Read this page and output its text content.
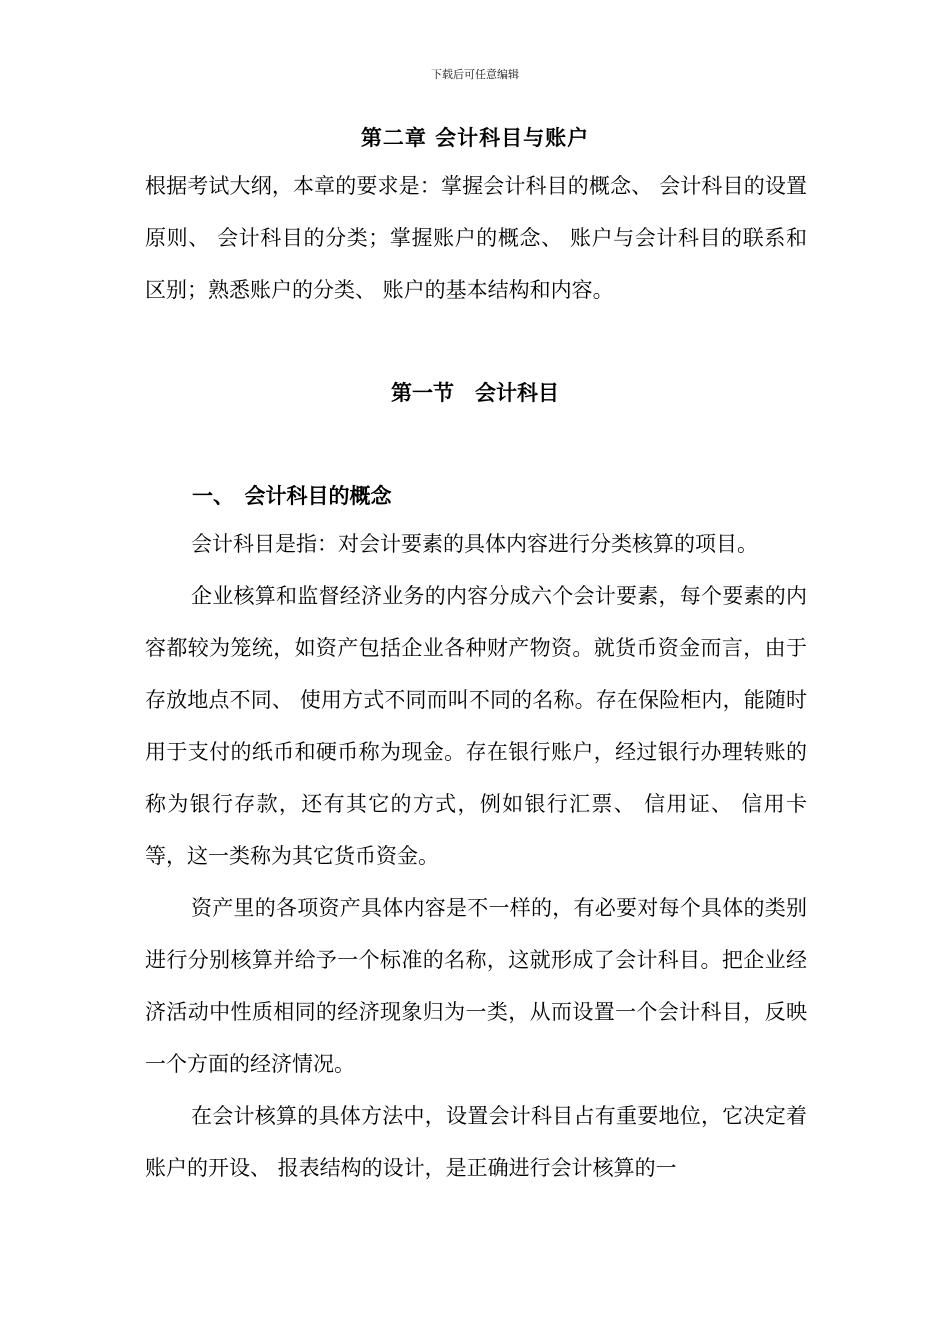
下载后可任意编辑
第二章 会计科目与账户

根据考试大纲，本章的要求是：掌握会计科目的概念、 会计科目的设置原则、 会计科目的分类；掌握账户的概念、 账户与会计科目的联系和区别；熟悉账户的分类、 账户的基本结构和内容。

第一节　会计科目
一、　会计科目的概念

会计科目是指：对会计要素的具体内容进行分类核算的项目。

企业核算和监督经济业务的内容分成六个会计要素，每个要素的内容都较为笼统，如资产包括企业各种财产物资。就货币资金而言，由于存放地点不同、 使用方式不同而叫不同的名称。存在保险柜内，能随时用于支付的纸币和硬币称为现金。存在银行账户，经过银行办理转账的称为银行存款，还有其它的方式，例如银行汇票、 信用证、 信用卡等，这一类称为其它货币资金。

资产里的各项资产具体内容是不一样的，有必要对每个具体的类别进行分别核算并给予一个标准的名称，这就形成了会计科目。把企业经济活动中性质相同的经济现象归为一类，从而设置一个会计科目，反映一个方面的经济情况。

在会计核算的具体方法中，设置会计科目占有重要地位，它决定着账户的开设、 报表结构的设计，是正确进行会计核算的一
